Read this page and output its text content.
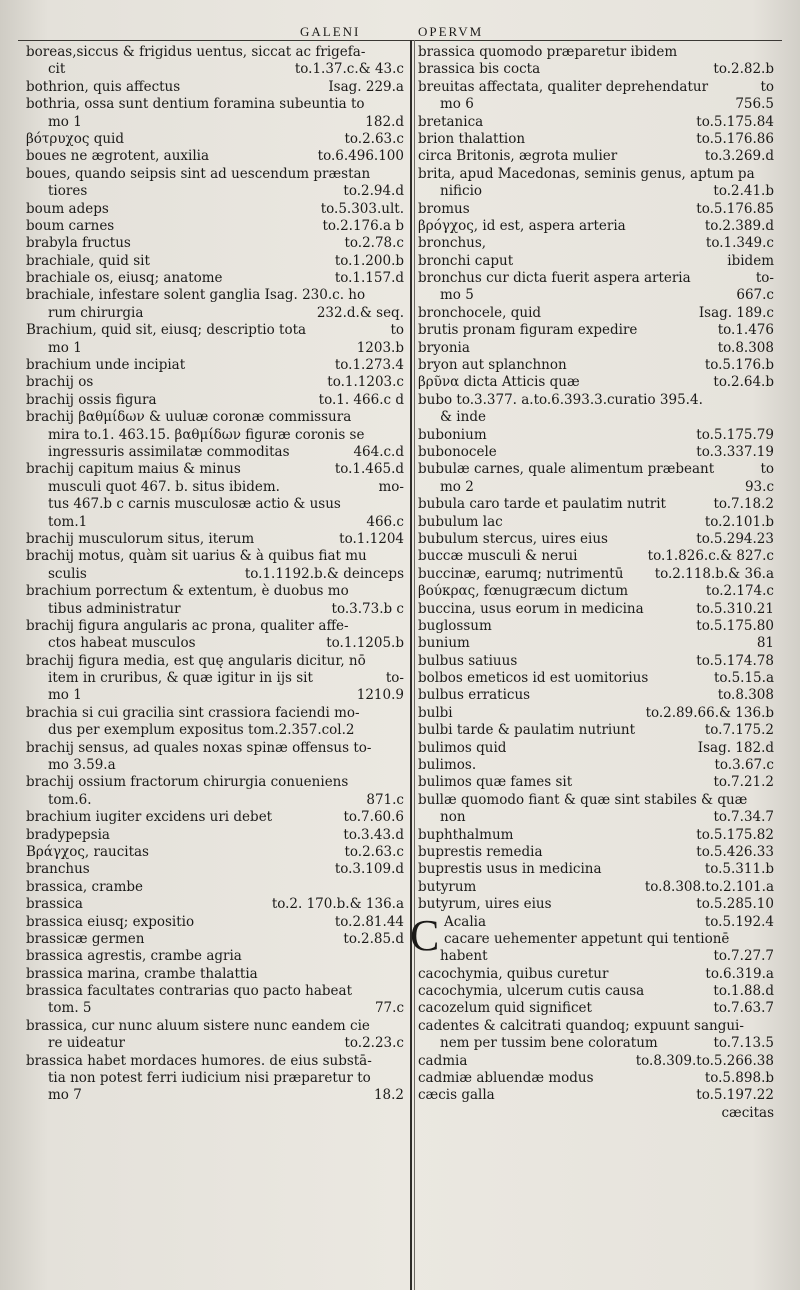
GALENI	OPERVM
boreas,siccus & frigidus uentus, siccat ac frigefa-
cit	to.1.37.c.& 43.c
bothrion, quis affectus	Isag. 229.a
bothria, ossa sunt dentium foramina subeuntia to
mo 1	182.d
βότρυχος quid	to.2.63.c
boues ne ægrotent, auxilia	to.6.496.100
boues, quando seipsis sint ad uescendum præstan
tiores	to.2.94.d
boum adeps	to.5.303.ult.
boum carnes	to.2.176.a b
brabyla fructus	to.2.78.c
brachiale, quid sit	to.1.200.b
brachiale os, eiusq; anatome	to.1.157.d
brachiale, infestare solent ganglia Isag. 230.c. ho
rum chirurgia	232.d.& seq.
Brachium, quid sit, eiusq; descriptio tota	to
mo 1	1203.b
brachium unde incipiat	to.1.273.4
brachij os	to.1.1203.c
brachij ossis figura	to.1. 466.c d
brachij βαθμίδων & uuluæ coronæ commissura
mira to.1. 463.15. βαθμίδων figuræ coronis se
ingressuris assimilatæ commoditas	464.c.d
brachij capitum maius & minus	to.1.465.d
musculi quot 467. b. situs ibidem.	mo-
tus 467.b c carnis musculosæ actio & usus
tom.1	466.c
brachij musculorum situs, iterum	to.1.1204
brachij motus, quàm sit uarius & à quibus fiat mu
sculis	to.1.1192.b.& deinceps
brachium porrectum & extentum, è duobus mo
tibus administratur	to.3.73.b c
brachij figura angularis ac prona, qualiter affe-
ctos habeat musculos	to.1.1205.b
brachij figura media, est quę angularis dicitur, nō
item in cruribus, & quæ igitur in ijs sit	to-
mo 1	1210.9
brachia si cui gracilia sint crassiora faciendi mo-
dus per exemplum expositus tom.2.357.col.2
brachij sensus, ad quales noxas spinæ offensus to-
mo 3.59.a
brachij ossium fractorum chirurgia conueniens
tom.6.	871.c
brachium iugiter excidens uri debet	to.7.60.6
bradypepsia	to.3.43.d
Βράγχος, raucitas	to.2.63.c
branchus	to.3.109.d
brassica, crambe
brassica	to.2. 170.b.& 136.a
brassica eiusq; expositio	to.2.81.44
brassicæ germen	to.2.85.d
brassica agrestis, crambe agria
brassica marina, crambe thalattia
brassica facultates contrarias quo pacto habeat
tom. 5	77.c
brassica, cur nunc aluum sistere nunc eandem cie
re uideatur	to.2.23.c
brassica habet mordaces humores. de eius substā-
tia non potest ferri iudicium nisi præparetur to
mo 7	18.2
brassica quomodo præparetur ibidem
brassica bis cocta	to.2.82.b
breuitas affectata, qualiter deprehendatur	to
mo 6	756.5
bretanica	to.5.175.84
brion thalattion	to.5.176.86
circa Britonis, ægrota mulier	to.3.269.d
brita, apud Macedonas, seminis genus, aptum pa
nificio	to.2.41.b
bromus	to.5.176.85
βρόγχος, id est, aspera arteria	to.2.389.d
bronchus,	to.1.349.c
bronchi caput	ibidem
bronchus cur dicta fuerit aspera arteria	to-
mo 5	667.c
bronchocele, quid	Isag. 189.c
brutis pronam figuram expedire	to.1.476
bryonia	to.8.308
bryon aut splanchnon	to.5.176.b
βρῦνα dicta Atticis quæ	to.2.64.b
bubo to.3.377. a.to.6.393.3.curatio 395.4.
& inde
bubonium	to.5.175.79
bubonocele	to.3.337.19
bubulæ carnes, quale alimentum præbeant	to
mo 2	93.c
bubula caro tarde et paulatim nutrit	to.7.18.2
bubulum lac	to.2.101.b
bubulum stercus, uires eius	to.5.294.23
buccæ musculi & nerui	to.1.826.c.& 827.c
buccinæ, earumq; nutrimentū to.2.118.b.& 36.a
βούκρας, fœnugræcum dictum	to.2.174.c
buccina, usus eorum in medicina	to.5.310.21
buglossum	to.5.175.80
bunium	81
bulbus satiuus	to.5.174.78
bolbos emeticos id est uomitorius	to.5.15.a
bulbus erraticus	to.8.308
bulbi	to.2.89.66.& 136.b
bulbi tarde & paulatim nutriunt	to.7.175.2
bulimos quid	Isag. 182.d
bulimos.	to.3.67.c
bulimos quæ fames sit	to.7.21.2
bullæ quomodo fiant & quæ sint stabiles & quæ
non	to.7.34.7
buphthalmum	to.5.175.82
buprestis remedia	to.5.426.33
buprestis usus in medicina	to.5.311.b
butyrum	to.8.308.to.2.101.a
butyrum, uires eius	to.5.285.10
C Acalia	to.5.192.4
cacare uehementer appetunt qui tentionē
habent	to.7.27.7
cacochymia, quibus curetur	to.6.319.a
cacochymia, ulcerum cutis causa	to.1.88.d
cacozelum quid significet	to.7.63.7
cadentes & calcitrati quandoq; expuunt sangui-
nem per tussim bene coloratum	to.7.13.5
cadmia	to.8.309.to.5.266.38
cadmiæ abluendæ modus	to.5.898.b
cæcis galla	to.5.197.22
cæcitas
